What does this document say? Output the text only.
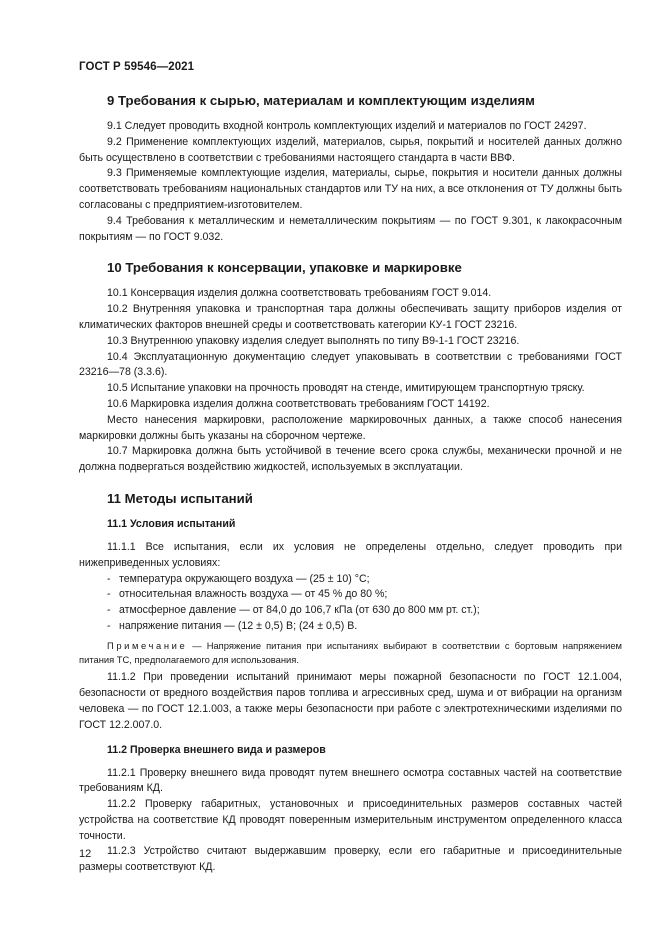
ГОСТ Р 59546—2021
9 Требования к сырью, материалам и комплектующим изделиям

9.1 Следует проводить входной контроль комплектующих изделий и материалов по ГОСТ 24297.

9.2 Применение комплектующих изделий, материалов, сырья, покрытий и носителей данных должно быть осуществлено в соответствии с требованиями настоящего стандарта в части ВВФ.

9.3 Применяемые комплектующие изделия, материалы, сырье, покрытия и носители данных должны соответствовать требованиям национальных стандартов или ТУ на них, а все отклонения от ТУ должны быть согласованы с предприятием-изготовителем.

9.4 Требования к металлическим и неметаллическим покрытиям — по ГОСТ 9.301, к лакокрасочным покрытиям — по ГОСТ 9.032.

10 Требования к консервации, упаковке и маркировке

10.1 Консервация изделия должна соответствовать требованиям ГОСТ 9.014.

10.2 Внутренняя упаковка и транспортная тара должны обеспечивать защиту приборов изделия от климатических факторов внешней среды и соответствовать категории КУ-1 ГОСТ 23216.

10.3 Внутреннюю упаковку изделия следует выполнять по типу В9-1-1 ГОСТ 23216.

10.4 Эксплуатационную документацию следует упаковывать в соответствии с требованиями ГОСТ 23216—78 (3.3.6).

10.5 Испытание упаковки на прочность проводят на стенде, имитирующем транспортную тряску.

10.6 Маркировка изделия должна соответствовать требованиям ГОСТ 14192.

Место нанесения маркировки, расположение маркировочных данных, а также способ нанесения маркировки должны быть указаны на сборочном чертеже.

10.7 Маркировка должна быть устойчивой в течение всего срока службы, механически прочной и не должна подвергаться воздействию жидкостей, используемых в эксплуатации.

11 Методы испытаний
11.1 Условия испытаний

11.1.1 Все испытания, если их условия не определены отдельно, следует проводить при нижеприведенных условиях:

- температура окружающего воздуха — (25 ± 10) °С;
- относительная влажность воздуха — от 45 % до 80 %;
- атмосферное давление — от 84,0 до 106,7 кПа (от 630 до 800 мм рт. ст.);
- напряжение питания — (12 ± 0,5) В; (24 ± 0,5) В.

Примечание — Напряжение питания при испытаниях выбирают в соответствии с бортовым напряжением питания ТС, предполагаемого для использования.

11.1.2 При проведении испытаний принимают меры пожарной безопасности по ГОСТ 12.1.004, безопасности от вредного воздействия паров топлива и агрессивных сред, шума и от вибрации на организм человека — по ГОСТ 12.1.003, а также меры безопасности при работе с электротехническими изделиями по ГОСТ 12.2.007.0.

11.2 Проверка внешнего вида и размеров

11.2.1 Проверку внешнего вида проводят путем внешнего осмотра составных частей на соответствие требованиям КД.

11.2.2 Проверку габаритных, установочных и присоединительных размеров составных частей устройства на соответствие КД проводят поверенным измерительным инструментом определенного класса точности.

11.2.3 Устройство считают выдержавшим проверку, если его габаритные и присоединительные размеры соответствуют КД.

12
